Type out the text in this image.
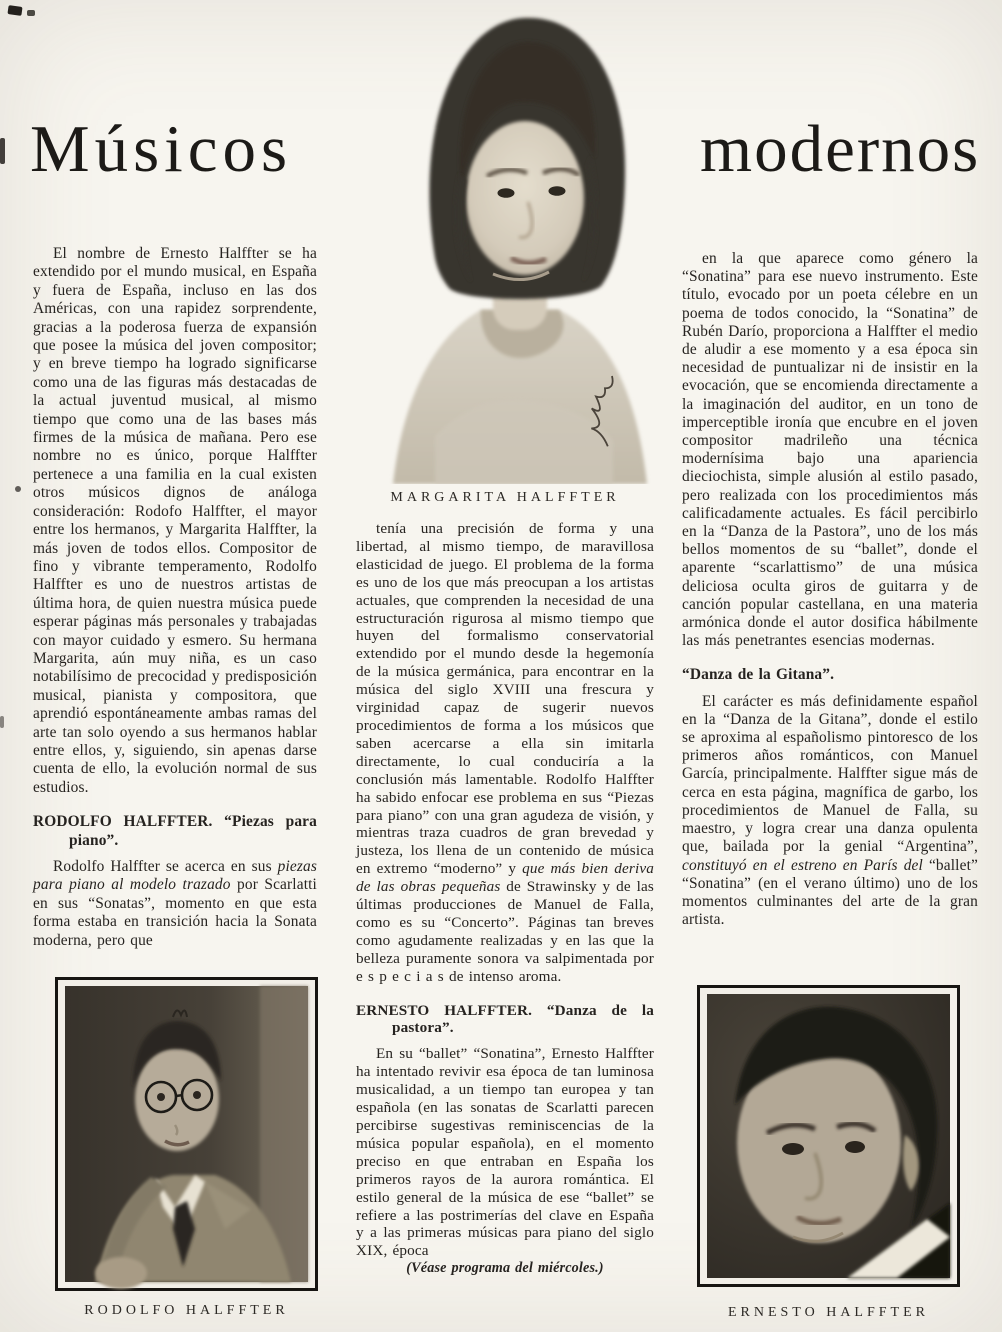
Músicos	modernos
MARGARITA HALFFTER

El nombre de Ernesto Halffter se ha extendido por el mundo musical, en España y fuera de España, incluso en las dos Américas, con una rapidez sorprendente, gracias a la poderosa fuerza de expansión que posee la música del joven compositor; y en breve tiempo ha logrado significarse como una de las figuras más destacadas de la actual juventud musical, al mismo tiempo que como una de las bases más firmes de la música de mañana. Pero ese nombre no es único, porque Halffter pertenece a una familia en la cual existen otros músicos dignos de análoga consideración: Rodofo Halffter, el mayor entre los hermanos, y Margarita Halffter, la más joven de todos ellos. Compositor de fino y vibrante temperamento, Rodolfo Halffter es uno de nuestros artistas de última hora, de quien nuestra música puede esperar páginas más personales y trabajadas con mayor cuidado y esmero. Su hermana Margarita, aún muy niña, es un caso notabilísimo de precocidad y predisposición musical, pianista y compositora, que aprendió espontáneamente ambas ramas del arte tan solo oyendo a sus hermanos hablar entre ellos, y, siguiendo, sin apenas darse cuenta de ello, la evolución normal de sus estudios.

RODOLFO HALFFTER. “Piezas para piano”.

Rodolfo Halffter se acerca en sus piezas para piano al modelo trazado por Scarlatti en sus “Sonatas”, momento en que esta forma estaba en transición hacia la Sonata moderna, pero que

tenía una precisión de forma y una libertad, al mismo tiempo, de maravillosa elasticidad de juego. El problema de la forma es uno de los que más preocupan a los artistas actuales, que comprenden la necesidad de una estructuración rigurosa al mismo tiempo que huyen del formalismo conservatorial extendido por el mundo desde la hegemonía de la música germánica, para encontrar en la música del siglo XVIII una frescura y virginidad capaz de sugerir nuevos procedimientos de forma a los músicos que saben acercarse a ella sin imitarla directamente, lo cual conduciría a la conclusión más lamentable. Rodolfo Halffter ha sabido enfocar ese problema en sus “Piezas para piano” con una gran agudeza de visión, y mientras traza cuadros de gran brevedad y justeza, los llena de un contenido de música en extremo “moderno” y que más bien deriva de las obras pequeñas de Strawinsky y de las últimas producciones de Manuel de Falla, como es su “Concerto”. Páginas tan breves como agudamente realizadas y en las que la belleza puramente sonora va salpimentada por e s p e c i a s de intenso aroma.

ERNESTO HALFFTER. “Danza de la pastora”.

En su “ballet” “Sonatina”, Ernesto Halffter ha intentado revivir esa época de tan luminosa musicalidad, a un tiempo tan europea y tan española (en las sonatas de Scarlatti parecen percibirse sugestivas reminiscencias de la música popular española), en el momento preciso en que entraban en España los primeros rayos de la aurora romántica. El estilo general de la música de ese “ballet” se refiere a las postrimerías del clave en España y a las primeras músicas para piano del siglo XIX, época

(Véase programa del miércoles.)

en la que aparece como género la “Sonatina” para ese nuevo instrumento. Este título, evocado por un poeta célebre en un poema de todos conocido, la “Sonatina” de Rubén Darío, proporciona a Halffter el medio de aludir a ese momento y a esa época sin necesidad de puntualizar ni de insistir en la evocación, que se encomienda directamente a la imaginación del auditor, en un tono de imperceptible ironía que encubre en el joven compositor madrileño una técnica modernísima bajo una apariencia dieciochista, simple alusión al estilo pasado, pero realizada con los procedimientos más calificadamente actuales. Es fácil percibirlo en la “Danza de la Pastora”, uno de los más bellos momentos de su “ballet”, donde el aparente “scarlattismo” de una música deliciosa oculta giros de guitarra y de canción popular castellana, en una materia armónica donde el autor dosifica hábilmente las más penetrantes esencias modernas.

“Danza de la Gitana”.

El carácter es más definidamente español en la “Danza de la Gitana”, donde el estilo se aproxima al españolismo pintoresco de los primeros años románticos, con Manuel García, principalmente. Halffter sigue más de cerca en esta página, magnífica de garbo, los procedimientos de Manuel de Falla, su maestro, y logra crear una danza opulenta que, bailada por la genial “Argentina”, constituyó en el estreno en París del “ballet” “Sonatina” (en el verano último) uno de los momentos culminantes del arte de la gran artista.

RODOLFO HALFFTER	ERNESTO HALFFTER
